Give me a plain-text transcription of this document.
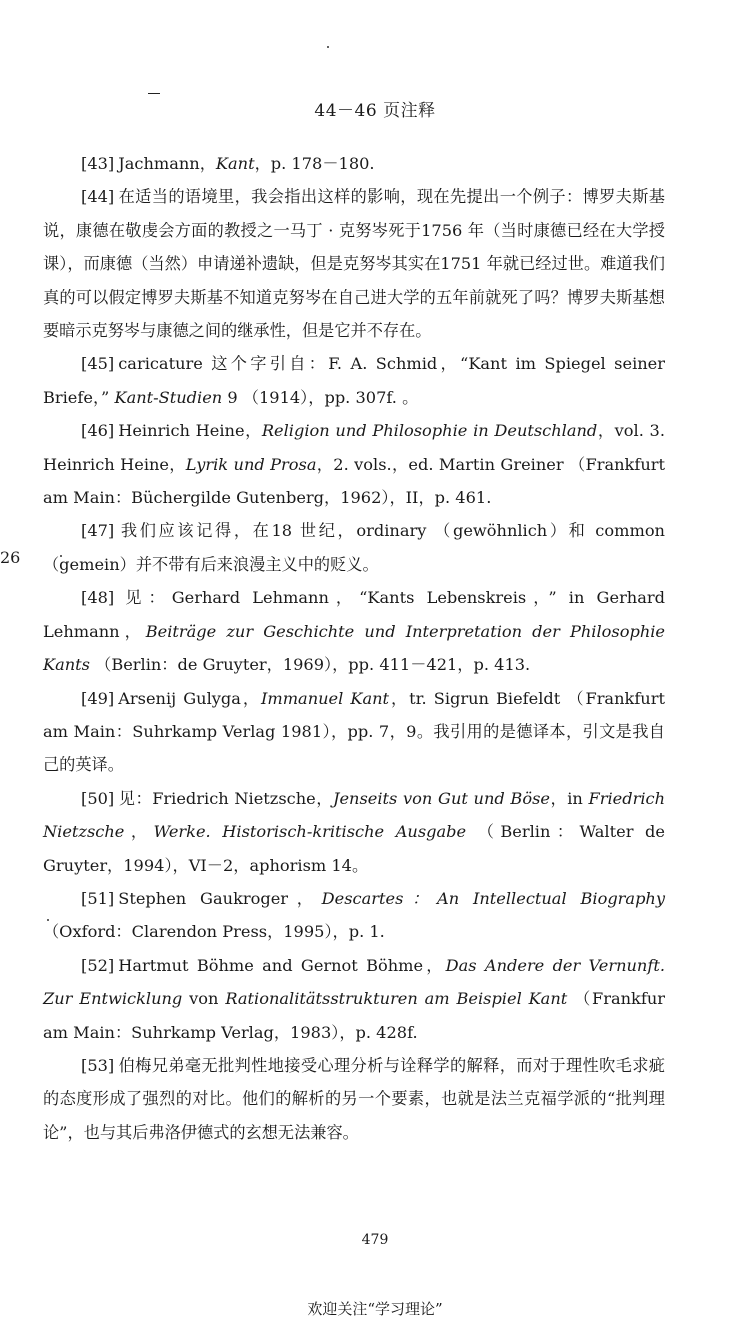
44－46 页注释
26

[43] Jachmann，Kant，p. 178－180.

[44] 在适当的语境里，我会指出这样的影响，现在先提出一个例子：博罗夫斯基说，康德在敬虔会方面的教授之一马丁 · 克努岑死于1756 年（当时康德已经在大学授课），而康德（当然）申请递补遗缺，但是克努岑其实在1751 年就已经过世。难道我们真的可以假定博罗夫斯基不知道克努岑在自己进大学的五年前就死了吗？博罗夫斯基想要暗示克努岑与康德之间的继承性，但是它并不存在。

[45] caricature 这个字引自：F. A. Schmid，“Kant im Spiegel seiner Briefe，” Kant-Studien 9 （1914），pp. 307f. 。

[46] Heinrich Heine，Religion und Philosophie in Deutschland，vol. 3. Heinrich Heine，Lyrik und Prosa，2. vols.，ed. Martin Greiner （Frankfurt am Main：Büchergilde Gutenberg，1962），II，p. 461.

[47] 我们应该记得，在18 世纪，ordinary （gewöhnlich）和 common （gemein）并不带有后来浪漫主义中的贬义。

[48] 见：Gerhard Lehmann，“Kants Lebenskreis，” in Gerhard Lehmann，Beiträge zur Geschichte und Interpretation der Philosophie Kants （Berlin：de Gruyter，1969），pp. 411－421，p. 413.

[49] Arsenij Gulyga，Immanuel Kant，tr. Sigrun Biefeldt （Frankfurt am Main：Suhrkamp Verlag 1981），pp. 7，9。我引用的是德译本，引文是我自己的英译。

[50] 见：Friedrich Nietzsche，Jenseits von Gut und Böse，in Friedrich Nietzsche，Werke. Historisch-kritische Ausgabe （Berlin：Walter de Gruyter，1994），VI－2，aphorism 14。

[51] Stephen Gaukroger，Descartes：An Intellectual Biography （Oxford：Clarendon Press，1995），p. 1.

[52] Hartmut Böhme and Gernot Böhme，Das Andere der Vernunft. Zur Entwicklung von Rationalitätsstrukturen am Beispiel Kant （Frankfur am Main：Suhrkamp Verlag，1983），p. 428f.

[53] 伯梅兄弟毫无批判性地接受心理分析与诠释学的解释，而对于理性吹毛求疵的态度形成了强烈的对比。他们的解析的另一个要素，也就是法兰克福学派的“批判理论”，也与其后弗洛伊德式的玄想无法兼容。

479
欢迎关注“学习理论”
